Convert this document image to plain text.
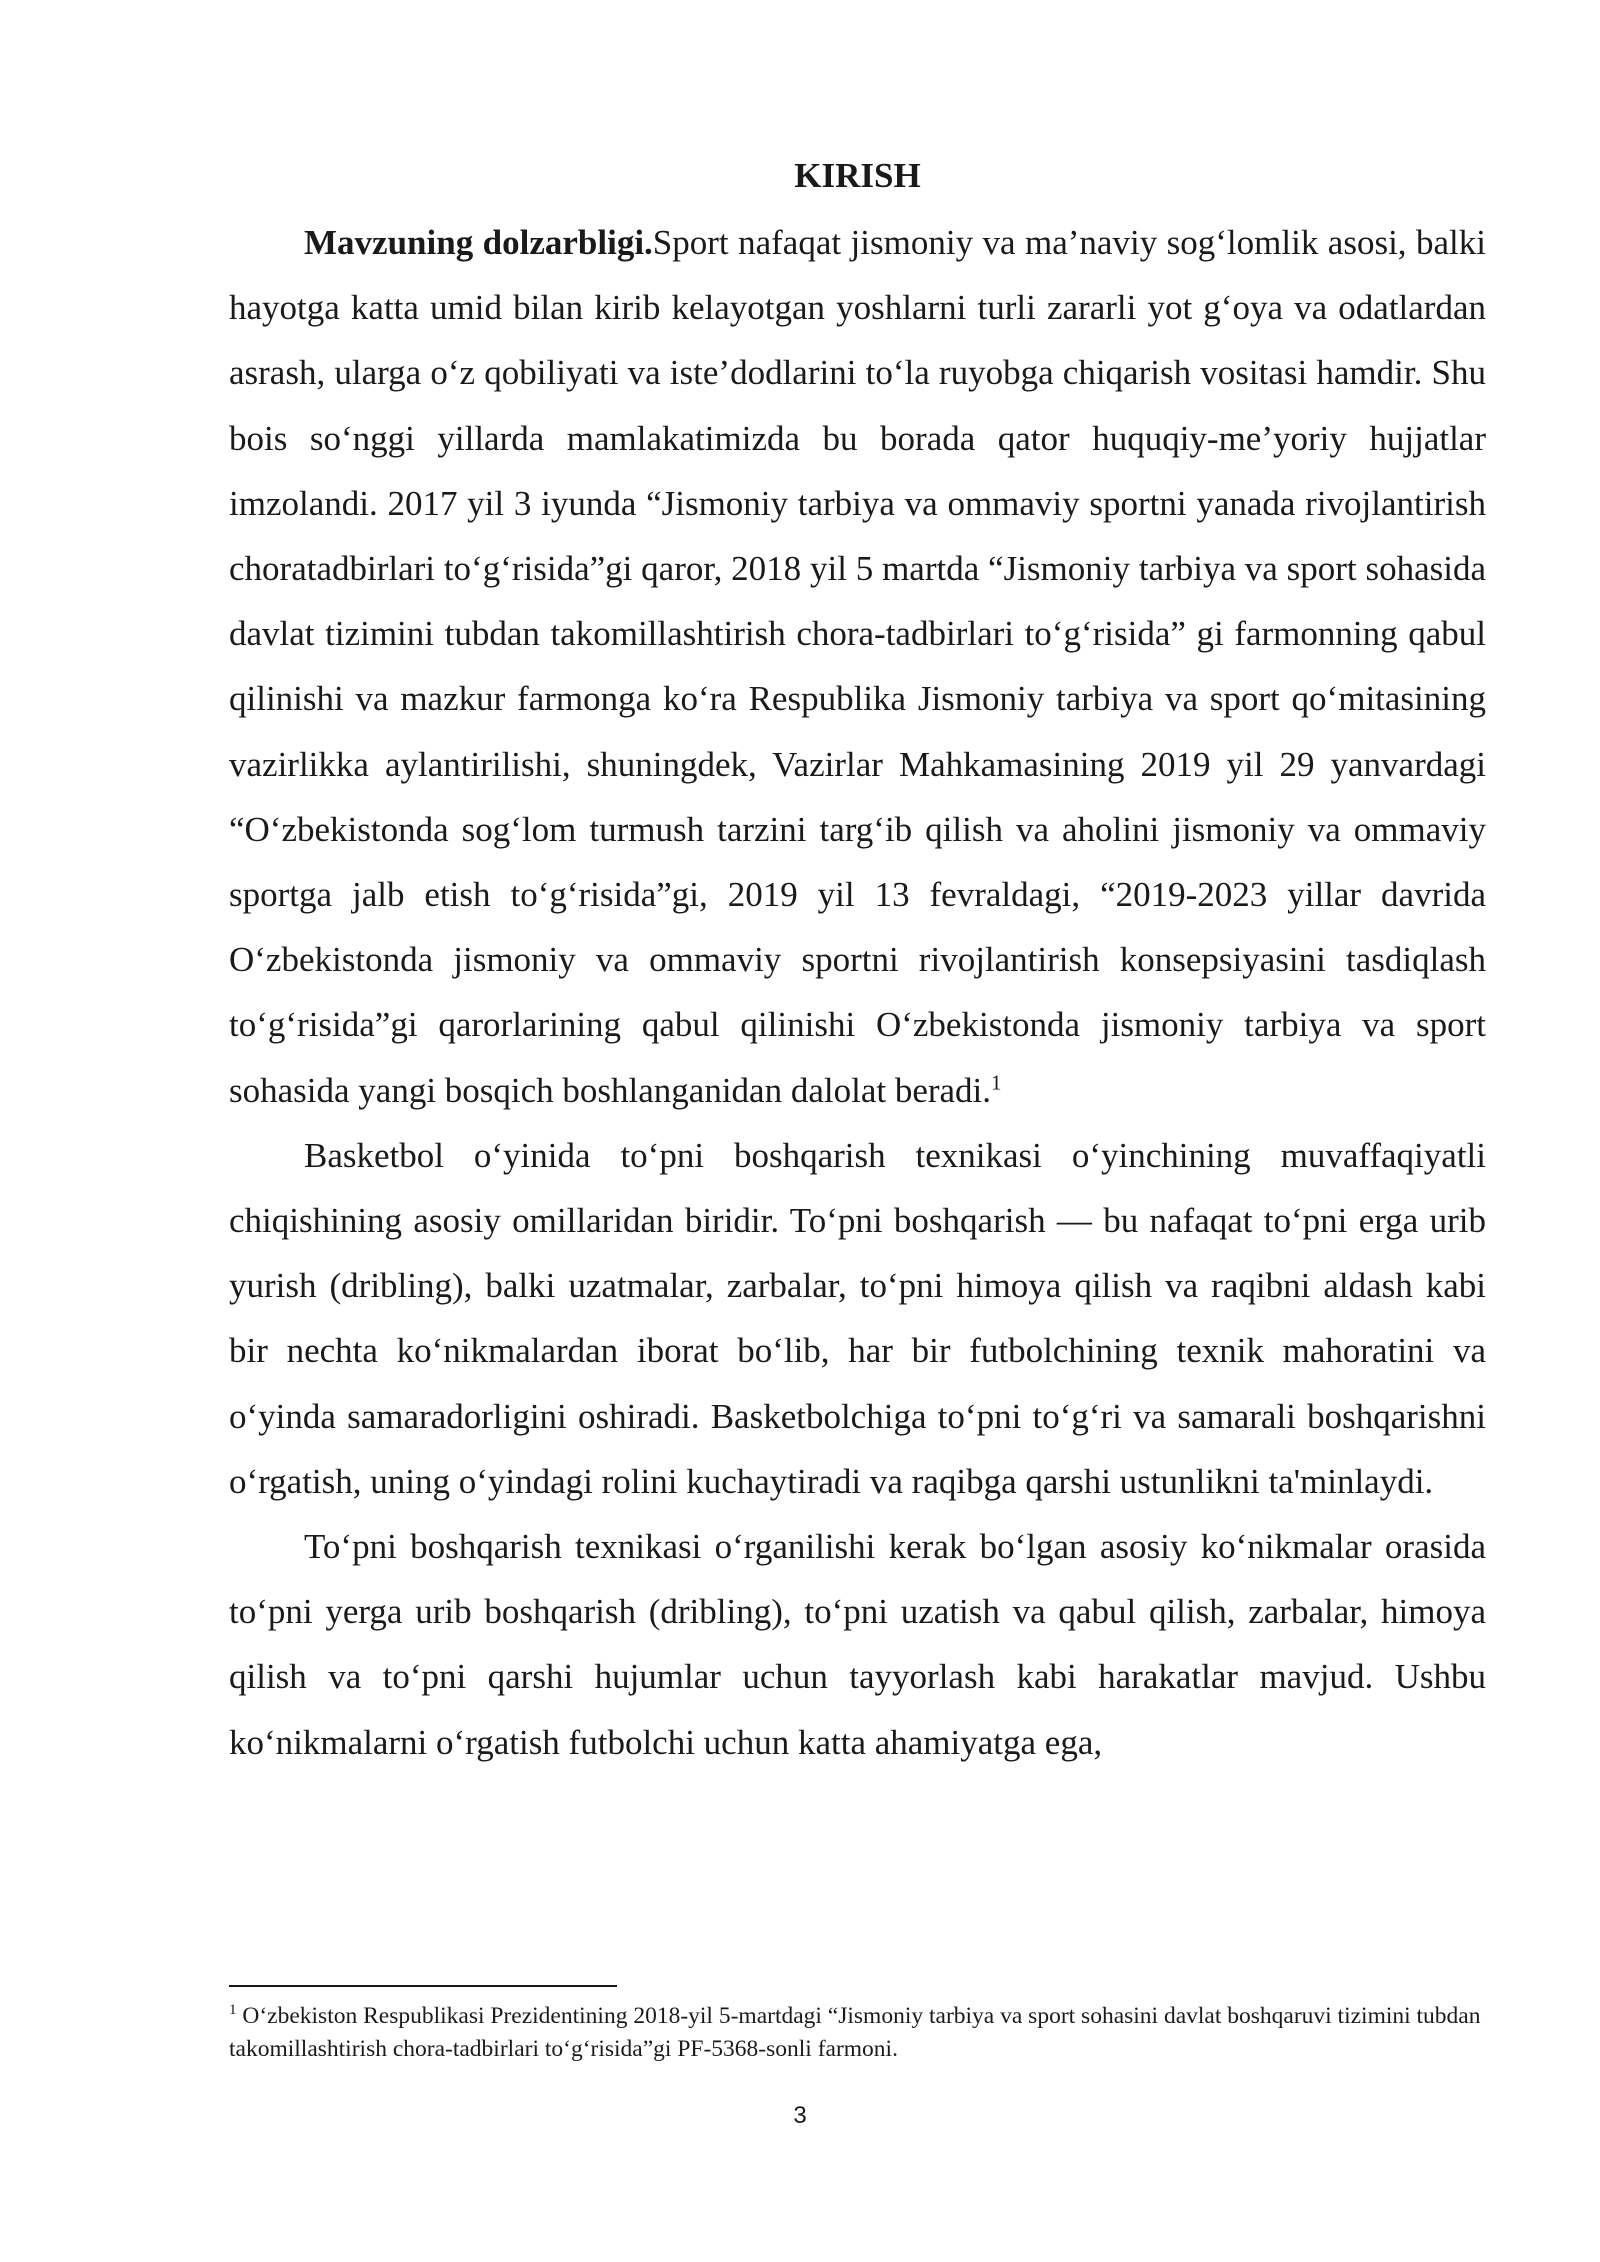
KIRISH

Mavzuning dolzarbligi.Sport nafaqat jismoniy va ma’naviy sog‘lomlik asosi, balki hayotga katta umid bilan kirib kelayotgan yoshlarni turli zararli yot g‘oya va odatlardan asrash, ularga o‘z qobiliyati va iste’dodlarini to‘la ruyobga chiqarish vositasi hamdir. Shu bois so‘nggi yillarda mamlakatimizda bu borada qator huquqiy-me’yoriy hujjatlar imzolandi. 2017 yil 3 iyunda “Jismoniy tarbiya va ommaviy sportni yanada rivojlantirish choratadbirlari to‘g‘risida”gi qaror, 2018 yil 5 martda “Jismoniy tarbiya va sport sohasida davlat tizimini tubdan takomillashtirish chora-tadbirlari to‘g‘risida” gi farmonning qabul qilinishi va mazkur farmonga ko‘ra Respublika Jismoniy tarbiya va sport qo‘mitasining vazirlikka aylantirilishi, shuningdek, Vazirlar Mahkamasining 2019 yil 29 yanvardagi “O‘zbekistonda sog‘lom turmush tarzini targ‘ib qilish va aholini jismoniy va ommaviy sportga jalb etish to‘g‘risida”gi, 2019 yil 13 fevraldagi, “2019-2023 yillar davrida O‘zbekistonda jismoniy va ommaviy sportni rivojlantirish konsepsiyasini tasdiqlash to‘g‘risida”gi qarorlarining qabul qilinishi O‘zbekistonda jismoniy tarbiya va sport sohasida yangi bosqich boshlanganidan dalolat beradi.$^1$

Basketbol o‘yinida to‘pni boshqarish texnikasi o‘yinchining muvaffaqiyatli chiqishining asosiy omillaridan biridir. To‘pni boshqarish — bu nafaqat to‘pni erga urib yurish (dribling), balki uzatmalar, zarbalar, to‘pni himoya qilish va raqibni aldash kabi bir nechta ko‘nikmalardan iborat bo‘lib, har bir futbolchining texnik mahoratini va o‘yinda samaradorligini oshiradi. Basketbolchiga to‘pni to‘g‘ri va samarali boshqarishni o‘rgatish, uning o‘yindagi rolini kuchaytiradi va raqibga qarshi ustunlikni ta'minlaydi.

To‘pni boshqarish texnikasi o‘rganilishi kerak bo‘lgan asosiy ko‘nikmalar orasida to‘pni yerga urib boshqarish (dribling), to‘pni uzatish va qabul qilish, zarbalar, himoya qilish va to‘pni qarshi hujumlar uchun tayyorlash kabi harakatlar mavjud. Ushbu ko‘nikmalarni o‘rgatish futbolchi uchun katta ahamiyatga ega,

$^1$ O‘zbekiston Respublikasi Prezidentining 2018-yil 5-martdagi “Jismoniy tarbiya va sport sohasini davlat boshqaruvi tizimini tubdan takomillashtirish chora-tadbirlari to‘g‘risida”gi PF-5368-sonli farmoni.
3
